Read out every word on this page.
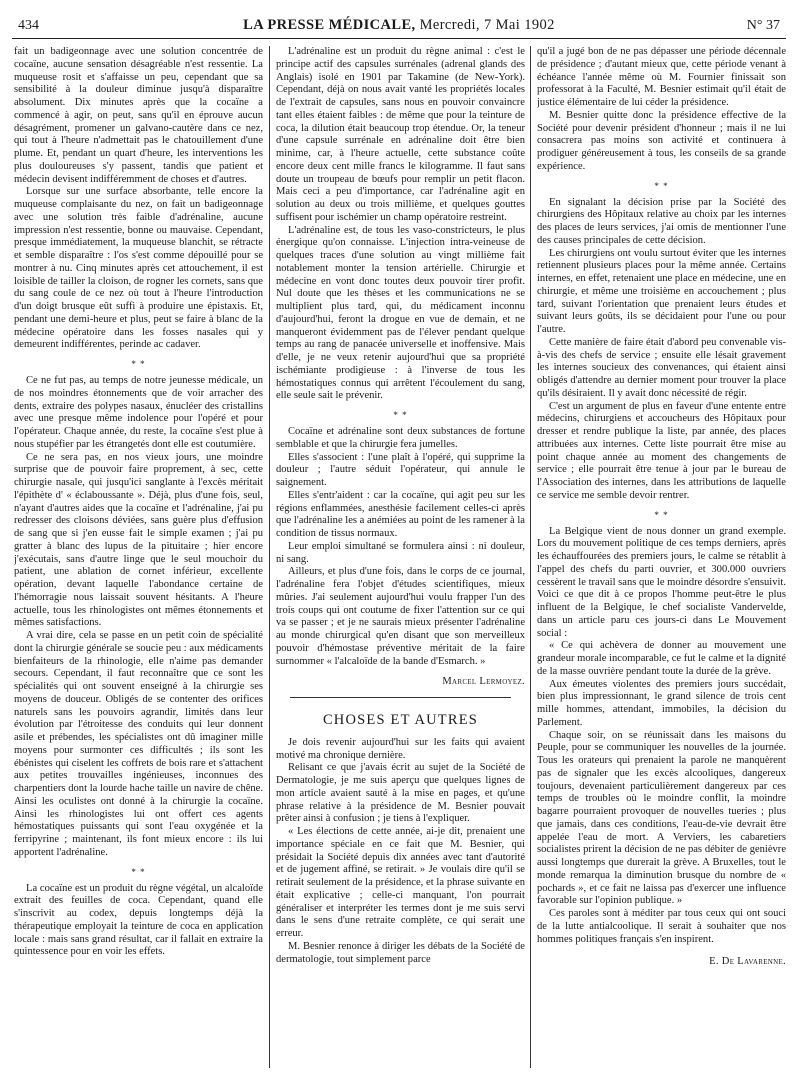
434	LA PRESSE MÉDICALE, Mercredi, 7 Mai 1902	N° 37

fait un badigeonnage avec une solution concentrée de cocaïne, aucune sensation désagréable n'est ressentie. La muqueuse rosit et s'affaisse un peu, cependant que sa sensibilité à la douleur diminue jusqu'à disparaître absolument. Dix minutes après que la cocaïne a commencé à agir, on peut, sans qu'il en éprouve aucun désagrément, promener un galvano-cautère dans ce nez, qui tout à l'heure n'admettait pas le chatouillement d'une plume. Et, pendant un quart d'heure, les interventions les plus douloureuses s'y passent, tandis que patient et médecin devisent indifféremment de choses et d'autres.

Lorsque sur une surface absorbante, telle encore la muqueuse complaisante du nez, on fait un badigeonnage avec une solution très faible d'adrénaline, aucune impression n'est ressentie, bonne ou mauvaise. Cependant, presque immédiatement, la muqueuse blanchit, se rétracte et semble disparaître : l'os s'est comme dépouillé pour se montrer à nu. Cinq minutes après cet attouchement, il est loisible de tailler la cloison, de rogner les cornets, sans que du sang coule de ce nez où tout à l'heure l'introduction d'un doigt brusque eût suffi à produire une épistaxis. Et, pendant une demi-heure et plus, peut se faire à blanc de la médecine opératoire dans les fosses nasales qui y demeurent indifférentes, perinde ac cadaver.

* *

Ce ne fut pas, au temps de notre jeunesse médicale, un de nos moindres étonnements que de voir arracher des dents, extraire des polypes nasaux, énucléer des cristallins avec une presque même indolence pour l'opéré et pour l'opérateur. Chaque année, du reste, la cocaïne s'est plue à nous stupéfier par les étrangetés dont elle est coutumière.

Ce ne sera pas, en nos vieux jours, une moindre surprise que de pouvoir faire proprement, à sec, cette chirurgie nasale, qui jusqu'ici sanglante à l'excès méritait l'épithète d' « éclaboussante ». Déjà, plus d'une fois, seul, n'ayant d'autres aides que la cocaïne et l'adrénaline, j'ai pu redresser des cloisons déviées, sans guère plus d'effusion de sang que si j'en eusse fait le simple examen ; j'ai pu gratter à blanc des lupus de la pituitaire ; hier encore j'exécutais, sans d'autre linge que le seul mouchoir du patient, une ablation de cornet inférieur, excellente opération, devant laquelle l'abondance certaine de l'hémorragie nous laissait souvent hésitants. A l'heure actuelle, tous les rhinologistes ont mêmes étonnements et mêmes satisfactions.

A vrai dire, cela se passe en un petit coin de spécialité dont la chirurgie générale se soucie peu : aux médicaments bienfaiteurs de la rhinologie, elle n'aime pas demander secours. Cependant, il faut reconnaître que ce sont les spécialités qui ont souvent enseigné à la chirurgie ses moyens de douceur. Obligés de se contenter des orifices naturels sans les pouvoirs agrandir, limités dans leur évolution par l'étroitesse des conduits qui leur donnent asile et prébendes, les spécialistes ont dû imaginer mille moyens pour surmonter ces difficultés ; ils sont les ébénistes qui ciselent les coffrets de bois rare et s'attachent aux petites trouvailles ingénieuses, inconnues des charpentiers dont la lourde hache taille un navire de chêne. Ainsi les oculistes ont donné à la chirurgie la cocaïne. Ainsi les rhinologistes lui ont offert ces agents hémostatiques puissants qui sont l'eau oxygénée et la ferripyrine ; maintenant, ils font mieux encore : ils lui apportent l'adrénaline.

* *

La cocaïne est un produit du règne végétal, un alcaloïde extrait des feuilles de coca. Cependant, quand elle s'inscrivit au codex, depuis longtemps déjà la thérapeutique employait la teinture de coca en application locale : mais sans grand résultat, car il fallait en extraire la quintessence pour en voir les effets.

L'adrénaline est un produit du règne animal : c'est le principe actif des capsules surrénales (adrenal glands des Anglais) isolé en 1901 par Takamine (de New-York). Cependant, déjà on nous avait vanté les propriétés locales de l'extrait de capsules, sans nous en pouvoir convaincre tant elles étaient faibles : de même que pour la teinture de coca, la dilution était beaucoup trop étendue. Or, la teneur d'une capsule surrénale en adrénaline doit être bien minime, car, à l'heure actuelle, cette substance coûte encore deux cent mille francs le kilogramme. Il faut sans doute un troupeau de bœufs pour remplir un petit flacon. Mais ceci a peu d'importance, car l'adrénaline agit en solution au deux ou trois millième, et quelques gouttes suffisent pour ischémier un champ opératoire restreint.

L'adrénaline est, de tous les vaso-constricteurs, le plus énergique qu'on connaisse. L'injection intra-veineuse de quelques traces d'une solution au vingt millième fait notablement monter la tension artérielle. Chirurgie et médecine en vont donc toutes deux pouvoir tirer profit. Nul doute que les thèses et les communications ne se multiplient plus tard, qui, du médicament inconnu d'aujourd'hui, feront la drogue en vue de demain, et ne manqueront évidemment pas de l'élever pendant quelque temps au rang de panacée universelle et inoffensive. Mais d'elle, je ne veux retenir aujourd'hui que sa propriété ischémiante prodigieuse : à l'inverse de tous les hémostatiques connus qui arrêtent l'écoulement du sang, elle seule sait le prévenir.

* *

Cocaïne et adrénaline sont deux substances de fortune semblable et que la chirurgie fera jumelles.

Elles s'associent : l'une plaît à l'opéré, qui supprime la douleur ; l'autre séduit l'opérateur, qui annule le saignement.

Elles s'entr'aident : car la cocaïne, qui agit peu sur les régions enflammées, anesthésie facilement celles-ci après que l'adrénaline les a anémiées au point de les ramener à la condition de tissus normaux.

Leur emploi simultané se formulera ainsi : ni douleur, ni sang.

Ailleurs, et plus d'une fois, dans le corps de ce journal, l'adrénaline fera l'objet d'études scientifiques, mieux mûries. J'ai seulement aujourd'hui voulu frapper l'un des trois coups qui ont coutume de fixer l'attention sur ce qui va se passer ; et je ne saurais mieux présenter l'adrénaline au monde chirurgical qu'en disant que son merveilleux pouvoir d'hémostase préventive méritait de la faire surnommer « l'alcaloïde de la bande d'Esmarch. »

Marcel Lermoyez.

CHOSES ET AUTRES

Je dois revenir aujourd'hui sur les faits qui avaient motivé ma chronique dernière.

Relisant ce que j'avais écrit au sujet de la Société de Dermatologie, je me suis aperçu que quelques lignes de mon article avaient sauté à la mise en pages, et qu'une phrase relative à la présidence de M. Besnier pouvait prêter ainsi à confusion ; je tiens à l'expliquer.

« Les élections de cette année, ai-je dit, prenaient une importance spéciale en ce fait que M. Besnier, qui présidait la Société depuis dix années avec tant d'autorité et de jugement affiné, se retirait. » Je voulais dire qu'il se retirait seulement de la présidence, et la phrase suivante en était explicative ; celle-ci manquant, l'on pourrait généraliser et interpréter les termes dont je me suis servi dans le sens d'une retraite complète, ce qui serait une erreur.

M. Besnier renonce à diriger les débats de la Société de dermatologie, tout simplement parce

qu'il a jugé bon de ne pas dépasser une période décennale de présidence ; d'autant mieux que, cette période venant à échéance l'année même où M. Fournier finissait son professorat à la Faculté, M. Besnier estimait qu'il était de justice élémentaire de lui céder la présidence.

M. Besnier quitte donc la présidence effective de la Société pour devenir président d'honneur ; mais il ne lui consacrera pas moins son activité et continuera à prodiguer généreusement à tous, les conseils de sa grande expérience.

* *

En signalant la décision prise par la Société des chirurgiens des Hôpitaux relative au choix par les internes des places de leurs services, j'ai omis de mentionner l'une des causes principales de cette décision.

Les chirurgiens ont voulu surtout éviter que les internes retiennent plusieurs places pour la même année. Certains internes, en effet, retenaient une place en médecine, une en chirurgie, et même une troisième en accouchement ; plus tard, suivant l'orientation que prenaient leurs études et suivant leurs goûts, ils se décidaient pour l'une ou pour l'autre.

Cette manière de faire était d'abord peu convenable vis-à-vis des chefs de service ; ensuite elle lésait gravement les internes soucieux des convenances, qui étaient ainsi obligés d'attendre au dernier moment pour trouver la place qu'ils désiraient. Il y avait donc nécessité de régir.

C'est un argument de plus en faveur d'une entente entre médecins, chirurgiens et accoucheurs des Hôpitaux pour dresser et rendre publique la liste, par année, des places attribuées aux internes. Cette liste pourrait être mise au point chaque année au moment des changements de service ; elle pourrait être tenue à jour par le bureau de l'Association des internes, dans les attributions de laquelle ce service me semble devoir rentrer.

* *

La Belgique vient de nous donner un grand exemple. Lors du mouvement politique de ces temps derniers, après les échauffourées des premiers jours, le calme se rétablit à l'appel des chefs du parti ouvrier, et 300.000 ouvriers cessèrent le travail sans que le moindre désordre s'ensuivit. Voici ce que dit à ce propos l'homme peut-être le plus influent de la Belgique, le chef socialiste Vandervelde, dans un article paru ces jours-ci dans Le Mouvement social :

« Ce qui achèvera de donner au mouvement une grandeur morale incomparable, ce fut le calme et la dignité de la masse ouvrière pendant toute la durée de la grève.

Aux émeutes violentes des premiers jours succédait, bien plus impressionnant, le grand silence de trois cent mille hommes, attendant, immobiles, la décision du Parlement.

Chaque soir, on se réunissait dans les maisons du Peuple, pour se communiquer les nouvelles de la journée. Tous les orateurs qui prenaient la parole ne manquèrent pas de signaler que les excès alcooliques, dangereux toujours, devenaient particulièrement dangereux par ces temps de troubles où le moindre conflit, la moindre bagarre pourraient provoquer de nouvelles tueries ; plus que jamais, dans ces conditions, l'eau-de-vie devrait être appelée l'eau de mort. A Verviers, les cabaretiers socialistes prirent la décision de ne pas débiter de genièvre aussi longtemps que durerait la grève. A Bruxelles, tout le monde remarqua la diminution brusque du nombre de « pochards », et ce fait ne laissa pas d'exercer une influence favorable sur l'opinion publique. »

Ces paroles sont à méditer par tous ceux qui ont souci de la lutte antialcoolique. Il serait à souhaiter que nos hommes politiques français s'en inspirent.

E. De Lavarenne.
